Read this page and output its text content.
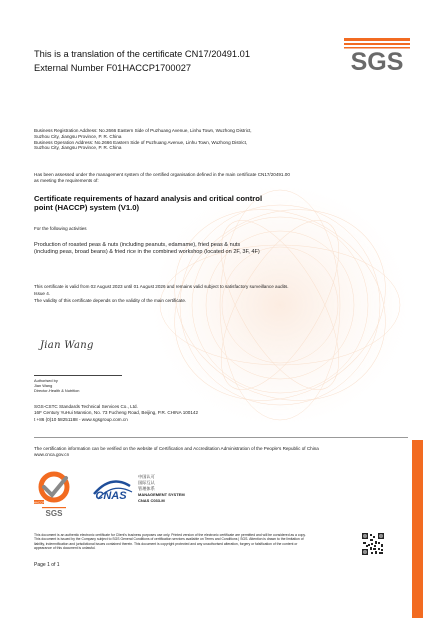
This is a translation of the certificate CN17/20491.01
External Number F01HACCP1700027	SGS
Business Registration Address: No.2666 Eastern Side of Puzhuang Avenue, Linhu Town, Wuzhong District,
Suzhou City, Jiangsu Province, P. R. China
Business Operation Address: No.2666 Eastern Side of Puzhuang Avenue, Linhu Town, Wuzhong District,
Suzhou City, Jiangsu Province, P. R. China
Has been assessed under the management system of the certified organisation defined in the main certificate CN17/20491.00
as meeting the requirements of:
Certificate requirements of hazard analysis and critical control
point (HACCP) system (V1.0)
For the following activities
Production of roasted peas & nuts (including peanuts, edamame), fried peas & nuts
(including peas, broad beans) & fried rice in the combined workshop (located on 2F, 3F, 4F)
This certificate is valid from 02 August 2023 until 01 August 2026 and remains valid subject to satisfactory surveillance audits.
Issue 4.
The validity of this certificate depends on the validity of the main certificate.
Jian Wang
Authorised by
Jian Wang
Director-Health & Nutrition
SGS-CSTC Standards Technical Services Co., Ltd.
16F Century YuHui Mansion, No. 73 Fucheng Road, Beijing, P.R. CHINA 100142
t +86 (0)10 58251188 - www.sgsgroup.com.cn
The certification information can be verified on the website of Certification and Accreditation Administration of the People's Republic of China
www.cnca.gov.cn
HACCP
SGS
CNAS
中国认可
国际互认
管理体系
MANAGEMENT SYSTEM
CNAS C033-M
This document is an authentic electronic certificate for Client's business purposes use only. Printed version of the electronic certificate are permitted and will be considered as a copy.
This document is issued by the Company subject to SGS General Conditions of certification services available on Terms and Conditions | SGS. Attention is drawn to the limitation of
liability, indemnification and jurisdictional issues contained therein. This document is copyright protected and any unauthorised alteration, forgery or falsification of the content or
appearance of this document is unlawful.
Page 1 of 1
